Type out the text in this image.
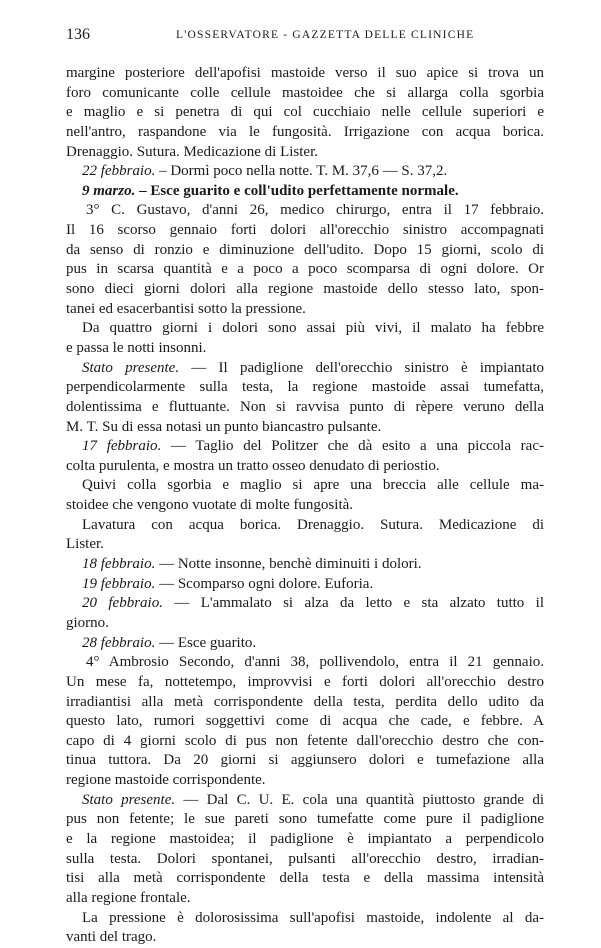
136	L'OSSERVATORE - GAZZETTA DELLE CLINICHE
margine posteriore dell'apofisi mastoide verso il suo apice si trova un
foro comunicante colle cellule mastoidee che si allarga colla sgorbia
e maglio e si penetra di qui col cucchiaio nelle cellule superiori e
nell'antro, raspandone via le fungosità. Irrigazione con acqua borica.
Drenaggio. Sutura. Medicazione di Lister.
22 febbraio. – Dormì poco nella notte. T. M. 37,6 — S. 37,2.
9 marzo. – Esce guarito e coll'udito perfettamente normale.
3° C. Gustavo, d'anni 26, medico chirurgo, entra il 17 febbraio.
Il 16 scorso gennaio forti dolori all'orecchio sinistro accompagnati
da senso di ronzio e diminuzione dell'udito. Dopo 15 giorni, scolo di
pus in scarsa quantità e a poco a poco scomparsa di ogni dolore. Or
sono dieci giorni dolori alla regione mastoide dello stesso lato, spon-
tanei ed esacerbantisi sotto la pressione.
Da quattro giorni i dolori sono assai più vivi, il malato ha febbre
e passa le notti insonni.
Stato presente. — Il padiglione dell'orecchio sinistro è impiantato
perpendicolarmente sulla testa, la regione mastoide assai tumefatta,
dolentissima e fluttuante. Non si ravvisa punto di rèpere veruno della
M. T. Su di essa notasi un punto biancastro pulsante.
17 febbraio. — Taglio del Politzer che dà esito a una piccola rac-
colta purulenta, e mostra un tratto osseo denudato di periostio.
Quivi colla sgorbia e maglio si apre una breccia alle cellule ma-
stoidee che vengono vuotate di molte fungosità.
Lavatura con acqua borica. Drenaggio. Sutura. Medicazione di
Lister.
18 febbraio. — Notte insonne, benchè diminuiti i dolori.
19 febbraio. — Scomparso ogni dolore. Euforia.
20 febbraio. — L'ammalato si alza da letto e sta alzato tutto il
giorno.
28 febbraio. — Esce guarito.
4° Ambrosio Secondo, d'anni 38, pollivendolo, entra il 21 gennaio.
Un mese fa, nottetempo, improvvisi e forti dolori all'orecchio destro
irradiantisi alla metà corrispondente della testa, perdita dello udito da
questo lato, rumori soggettivi come di acqua che cade, e febbre. A
capo di 4 giorni scolo di pus non fetente dall'orecchio destro che con-
tinua tuttora. Da 20 giorni si aggiunsero dolori e tumefazione alla
regione mastoide corrispondente.
Stato presente. — Dal C. U. E. cola una quantità piuttosto grande di
pus non fetente; le sue pareti sono tumefatte come pure il padiglione
e la regione mastoidea; il padiglione è impiantato a perpendicolo
sulla testa. Dolori spontanei, pulsanti all'orecchio destro, irradian-
tisi alla metà corrispondente della testa e della massima intensità
alla regione frontale.
La pressione è dolorosissima sull'apofisi mastoide, indolente al da-
vanti del trago.
